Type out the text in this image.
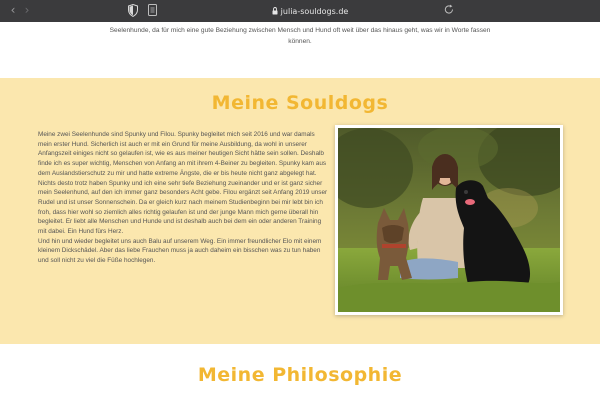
‹ ›	julia-souldogs.de

Seelenhunde, da für mich eine gute Beziehung zwischen Mensch und Hund oft weit über das hinaus geht, was wir in Worte fassen können.

Meine Souldogs

Meine zwei Seelenhunde sind Spunky und Filou. Spunky begleitet mich seit 2016 und war damals mein erster Hund. Sicherlich ist auch er mit ein Grund für meine Ausbildung, da wohl in unserer Anfangszeit einiges nicht so gelaufen ist, wie es aus meiner heutigen Sicht hätte sein sollen. Deshalb finde ich es super wichtig, Menschen von Anfang an mit ihrem 4-Beiner zu begleiten. Spunky kam aus dem Auslandstierschutz zu mir und hatte extreme Ängste, die er bis heute nicht ganz abgelegt hat. Nichts desto trotz haben Spunky und ich eine sehr tiefe Beziehung zueinander und er ist ganz sicher mein Seelenhund, auf den ich immer ganz besonders Acht gebe. Filou ergänzt seit Anfang 2019 unser Rudel und ist unser Sonnenschein. Da er gleich kurz nach meinem Studienbeginn bei mir lebt bin ich froh, dass hier wohl so ziemlich alles richtig gelaufen ist und der junge Mann mich gerne überall hin begleitet. Er liebt alle Menschen und Hunde und ist deshalb auch bei dem ein oder anderen Training mit dabei. Ein Hund fürs Herz.

Und hin und wieder begleitet uns auch Balu auf unserem Weg. Ein immer freundlicher Elo mit einem kleinem Dickschädel. Aber das liebe Frauchen muss ja auch daheim ein bisschen was zu tun haben und soll nicht zu viel die Füße hochlegen.

Meine Philosophie
